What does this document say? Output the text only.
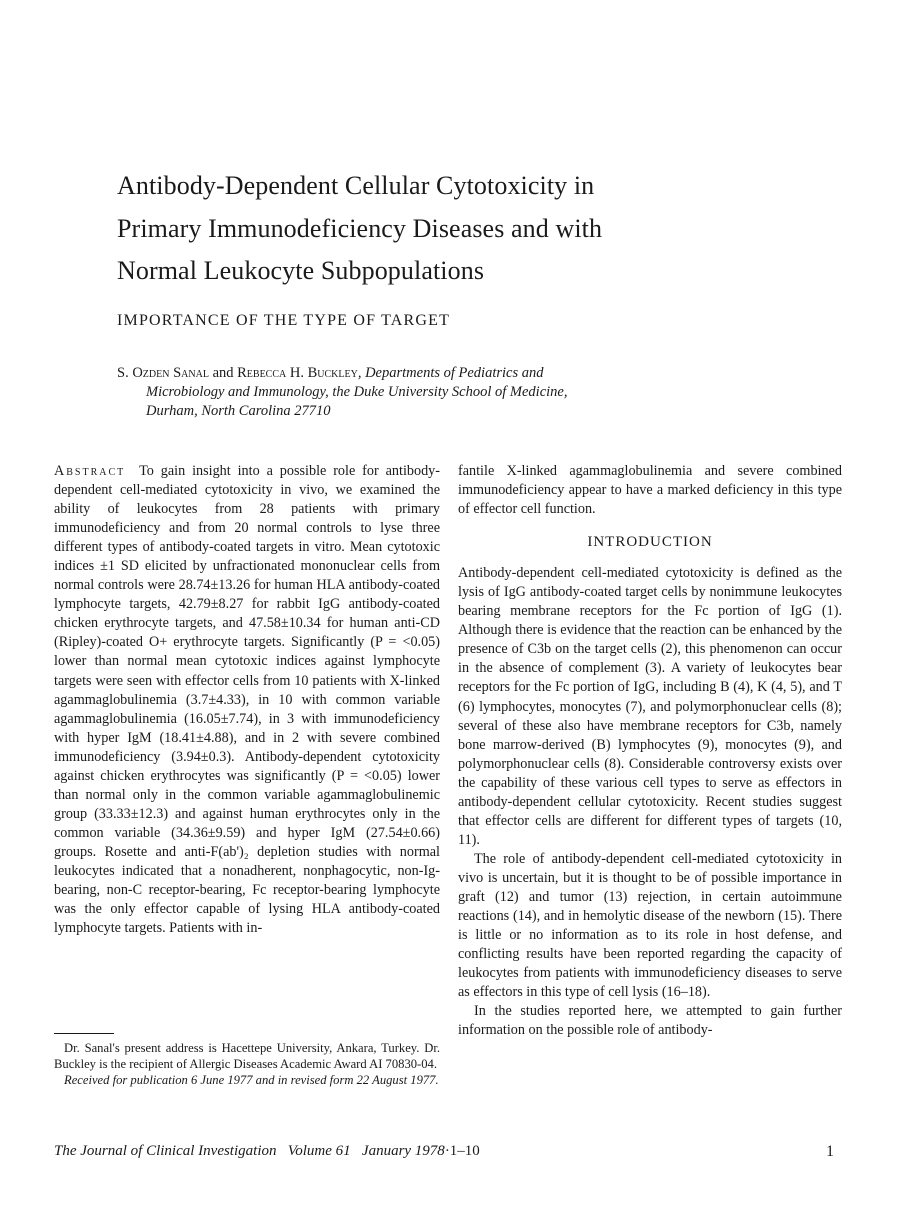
Antibody-Dependent Cellular Cytotoxicity in
Primary Immunodeficiency Diseases and with
Normal Leukocyte Subpopulations
IMPORTANCE OF THE TYPE OF TARGET
S. Ozden Sanal and Rebecca H. Buckley, Departments of Pediatrics and
Microbiology and Immunology, the Duke University School of Medicine,
Durham, North Carolina 27710

Abstract To gain insight into a possible role for antibody-dependent cell-mediated cytotoxicity in vivo, we examined the ability of leukocytes from 28 patients with primary immunodeficiency and from 20 normal controls to lyse three different types of antibody-coated targets in vitro. Mean cytotoxic indices ±1 SD elicited by unfractionated mononuclear cells from normal controls were 28.74±13.26 for human HLA antibody-coated lymphocyte targets, 42.79±8.27 for rabbit IgG antibody-coated chicken erythrocyte targets, and 47.58±10.34 for human anti-CD (Ripley)-coated O+ erythrocyte targets. Significantly (P = <0.05) lower than normal mean cytotoxic indices against lymphocyte targets were seen with effector cells from 10 patients with X-linked agammaglobulinemia (3.7±4.33), in 10 with common variable agammaglobulinemia (16.05±7.74), in 3 with immunodeficiency with hyper IgM (18.41±4.88), and in 2 with severe combined immunodeficiency (3.94±0.3). Antibody-dependent cytotoxicity against chicken erythrocytes was significantly (P = <0.05) lower than normal only in the common variable agammaglobulinemic group (33.33±12.3) and against human erythrocytes only in the common variable (34.36±9.59) and hyper IgM (27.54±0.66) groups. Rosette and anti-F(ab')₂ depletion studies with normal leukocytes indicated that a nonadherent, nonphagocytic, non-Ig-bearing, non-C receptor-bearing, Fc receptor-bearing lymphocyte was the only effector capable of lysing HLA antibody-coated lymphocyte targets. Patients with in-

Dr. Sanal's present address is Hacettepe University, Ankara, Turkey. Dr. Buckley is the recipient of Allergic Diseases Academic Award AI 70830-04.

Received for publication 6 June 1977 and in revised form 22 August 1977.

fantile X-linked agammaglobulinemia and severe combined immunodeficiency appear to have a marked deficiency in this type of effector cell function.

INTRODUCTION

Antibody-dependent cell-mediated cytotoxicity is defined as the lysis of IgG antibody-coated target cells by nonimmune leukocytes bearing membrane receptors for the Fc portion of IgG (1). Although there is evidence that the reaction can be enhanced by the presence of C3b on the target cells (2), this phenomenon can occur in the absence of complement (3). A variety of leukocytes bear receptors for the Fc portion of IgG, including B (4), K (4, 5), and T (6) lymphocytes, monocytes (7), and polymorphonuclear cells (8); several of these also have membrane receptors for C3b, namely bone marrow-derived (B) lymphocytes (9), monocytes (9), and polymorphonuclear cells (8). Considerable controversy exists over the capability of these various cell types to serve as effectors in antibody-dependent cellular cytotoxicity. Recent studies suggest that effector cells are different for different types of targets (10, 11).

The role of antibody-dependent cell-mediated cytotoxicity in vivo is uncertain, but it is thought to be of possible importance in graft (12) and tumor (13) rejection, in certain autoimmune reactions (14), and in hemolytic disease of the newborn (15). There is little or no information as to its role in host defense, and conflicting results have been reported regarding the capacity of leukocytes from patients with immunodeficiency diseases to serve as effectors in this type of cell lysis (16–18).

In the studies reported here, we attempted to gain further information on the possible role of antibody-

The Journal of Clinical Investigation Volume 61 January 1978·1–10	1
